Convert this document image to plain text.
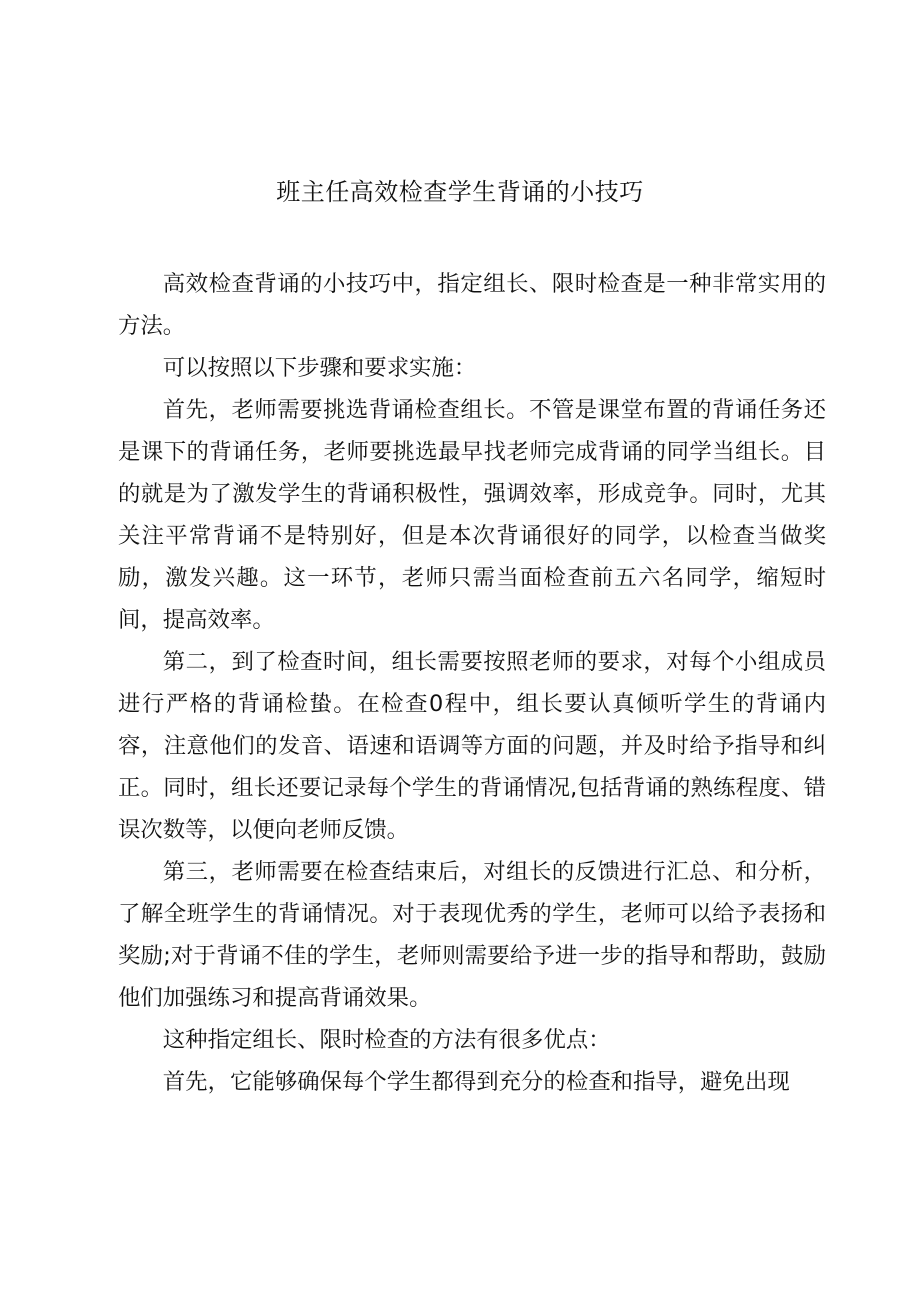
班主任高效检查学生背诵的小技巧

高效检查背诵的小技巧中，指定组长、限时检查是一种非常实用的方法。

可以按照以下步骤和要求实施：

首先，老师需要挑选背诵检查组长。不管是课堂布置的背诵任务还是课下的背诵任务，老师要挑选最早找老师完成背诵的同学当组长。目的就是为了激发学生的背诵积极性，强调效率，形成竞争。同时，尤其关注平常背诵不是特别好，但是本次背诵很好的同学，以检查当做奖励，激发兴趣。这一环节，老师只需当面检查前五六名同学，缩短时间，提高效率。

第二，到了检查时间，组长需要按照老师的要求，对每个小组成员进行严格的背诵检蛰。在检查0程中，组长要认真倾听学生的背诵内容，注意他们的发音、语速和语调等方面的问题，并及时给予指导和纠正。同时，组长还要记录每个学生的背诵情况,包括背诵的熟练程度、错误次数等，以便向老师反馈。

第三，老师需要在检查结束后，对组长的反馈进行汇总、和分析，了解全班学生的背诵情况。对于表现优秀的学生，老师可以给予表扬和奖励;对于背诵不佳的学生，老师则需要给予进一步的指导和帮助，鼓励他们加强练习和提高背诵效果。

这种指定组长、限时检查的方法有很多优点：

首先，它能够确保每个学生都得到充分的检查和指导，避免出现
